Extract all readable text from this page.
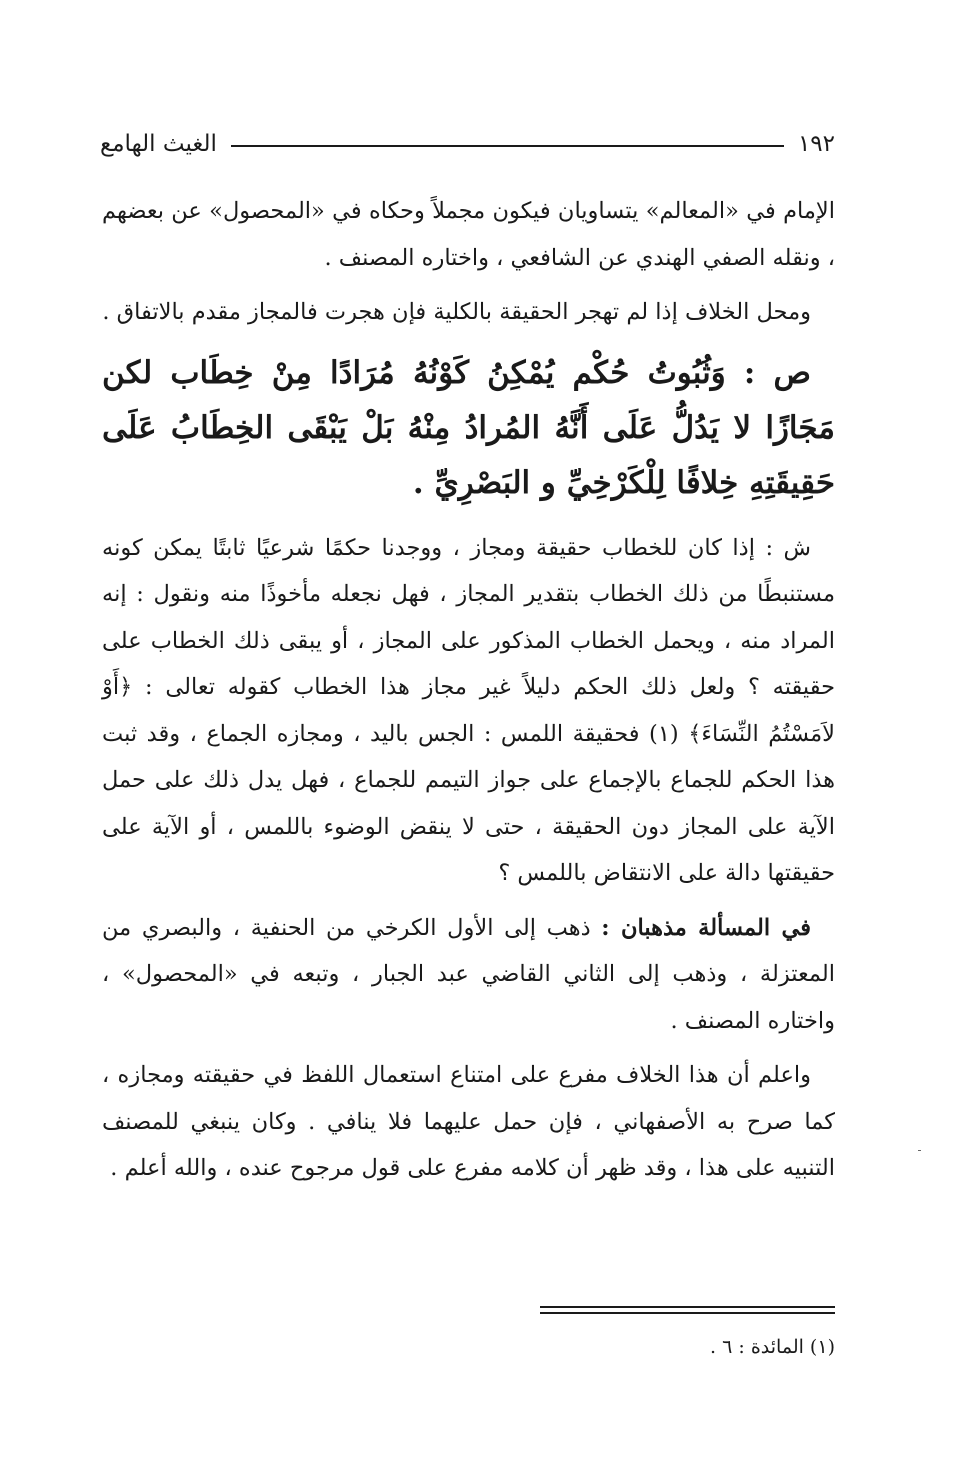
١٩٢
الغيث الهامع

الإمام في «المعالم» يتساويان فيكون مجملاً وحكاه في «المحصول» عن بعضهم ، ونقله الصفي الهندي عن الشافعي ، واختاره المصنف .

ومحل الخلاف إذا لم تهجر الحقيقة بالكلية فإن هجرت فالمجاز مقدم بالاتفاق .

ص : وَثُبُوتُ حُكْم يُمْكِنُ كَوْنُهُ مُرَادًا مِنْ خِطَاب لكن مَجَازًا لا يَدُلُّ عَلَى أَنَّهُ المُرادُ مِنْهُ بَلْ يَبْقَى الخِطَابُ عَلَى حَقِيقَتِهِ خِلافًا لِلْكَرْخِيِّ و البَصْرِيِّ .

ش : إذا كان للخطاب حقيقة ومجاز ، ووجدنا حكمًا شرعيًا ثابتًا يمكن كونه مستنبطًا من ذلك الخطاب بتقدير المجاز ، فهل نجعله مأخوذًا منه ونقول : إنه المراد منه ، ويحمل الخطاب المذكور على المجاز ، أو يبقى ذلك الخطاب على حقيقته ؟ ولعل ذلك الحكم دليلاً غير مجاز هذا الخطاب كقوله تعالى : ﴿أَوْ لاَمَسْتُمُ النِّسَاءَ﴾ (١) فحقيقة اللمس : الجس باليد ، ومجازه الجماع ، وقد ثبت هذا الحكم للجماع بالإجماع على جواز التيمم للجماع ، فهل يدل ذلك على حمل الآية على المجاز دون الحقيقة ، حتى لا ينقض الوضوء باللمس ، أو الآية على حقيقتها دالة على الانتقاض باللمس ؟

في المسألة مذهبان : ذهب إلى الأول الكرخي من الحنفية ، والبصري من المعتزلة ، وذهب إلى الثاني القاضي عبد الجبار ، وتبعه في «المحصول» ، واختاره المصنف .

واعلم أن هذا الخلاف مفرع على امتناع استعمال اللفظ في حقيقته ومجازه ، كما صرح به الأصفهاني ، فإن حمل عليهما فلا ينافي . وكان ينبغي للمصنف التنبيه على هذا ، وقد ظهر أن كلامه مفرع على قول مرجوح عنده ، والله أعلم .

(١) المائدة : ٦ .
